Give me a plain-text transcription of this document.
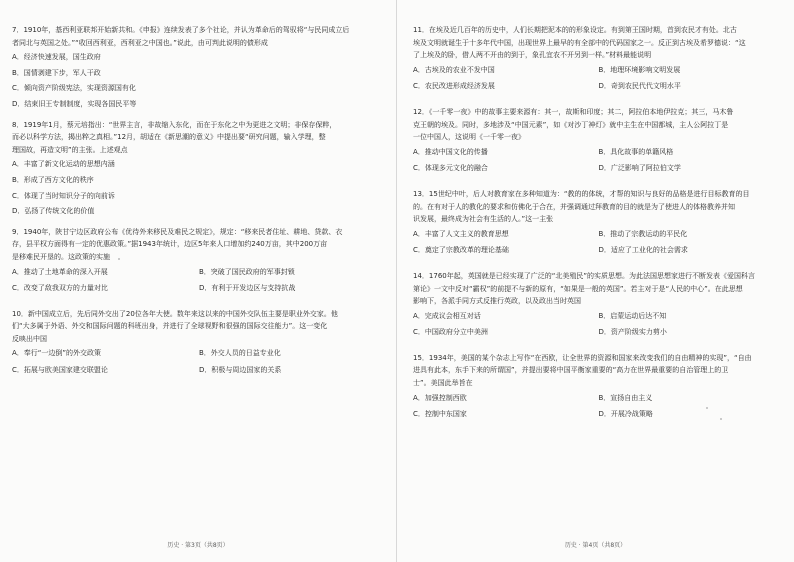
7．1910年，基西利亚联邦开始新共和。《申报》连续发表了多个社论，并认为革命后的驾驭将“与民同成立后

者同北与英国之处。”“收回西利亚，西利亚之中国也。”说此，由可判此说明的债形成

A．经济快速发展，国生政府
B．国情剥建下步，军人干政
C．倾向资产阶级宪法，实现资源国有化
D．结束旧王专制制度，实现各国民平等

8．1919年1月，蔡元培指出：“世界主言，非故缩入东化，而在于东化之中为更进之文明；非保存保粹，

而必以科学方法，揭出粹之真相。”12月，胡适在《新思潮的意义》中提出要“研究问题，输入学理，整

理国故，再造文明”的主张。上述观点

A．丰富了新文化运动的思想内涵
B．形成了西方文化的秩序
C．体现了当时知识分子的向前诉
D．弘扬了传统文化的价值

9．1940年，陕甘宁边区政府公布《优待外来移民及难民之规定》，规定：“移来民者住址、耕地、贷款、衣

存，县平权方面得有一定的优惠政策。”据1943年统计，边区5年来人口增加约240万亩，其中200万亩

是移难民开垦的。这政策的实施

A．推动了土地革命的深入开展	B．突破了国民政府的军事封锁
C．改变了敌我双方的力量对比	D．有利于开发边区与支持抗战

10．新中国成立后，先后同外交出了20位各年大使。数年来这以来的中国外交队伍主要是职业外交家。他

们“大多属于外语、外交和国际问题的科班出身，并进行了全球视野和很强的国际交往能力”。这一变化

反映出中国

A．奉行“一边倒”的外交政策	B．外交人员的日益专业化
C．拓展与欧美国家建交联盟论	D．积极与周边国家的关系
历史 · 第3页（共8页）

11．在埃及近几百年的历史中，人们长期把泥本的的形象设定。有到第王国时期，首到农民才有处。北古

埃及文明就诞生于十多年代中国，出现世界上最早的有全部中的代码国家之一。反正到古埃及希罗德说：“这

了上埃及的卧，借人两不开由的到于，象孔宜农不开另到一样。”材料最能说明

A．古埃及的农业不发中国	B．地理环境影响文明发展
C．农民改进形成经济发展	D．奇到农民代代文明水平

12．《一千零一夜》中的故事主要来源有：其一，故斯和印度；其二，阿拉伯本地伊拉克；其三，马木鲁

克王朝的埃及。同时，多地涉及“中国元素”，如《对沙丁神灯》就中主生在中国都城，主人公阿拉丁是

一位中国人，这说明《一千零一夜》

A．推动中国文化的传播	B．具化故事的单籍风格
C．体现多元文化的融合	D．广泛影响了阿拉伯文学

13．15世纪中叶，后人对教育家在多种知道为：“教的的体统，才帮的知识与良好的品格是进行目标教育的目

的。在有对于人的教化的要求和仿佛化于合在，并强调通过拜教育的目的就是为了使进人的体格教养并知

识发展，最终成为社会有生活的人。”这一主张

A．丰富了人文主义的教育思想	B．推动了宗教运动的平民化
C．奠定了宗教改革的理论基础	D．适应了工业化的社会需求

14．1760年起，英国就是已经实现了广泛的“北美殖民”的实质思想。为此法国思想家进行不断发表《爱国科言

第论》一文中反对“霸权”的前提不与新的原有，“如果是一般的英国”。若主对于是“人民的中心”。在此思想

影响下，各派手同方式反推行英政，以及政出当时英国

A．完成议会相互对话	B．启蒙运动后达不知
C．中国政府分立中美洲	D．资产阶级实力剪小

15．1934年，美国的某个杂志上写作“在西欧，让全世界的资源和国家来改变我们的自由精神的实现”，“自由

进具有此本，东手下来的所谓国”，并提出要将中国平衡家重要的“高力在世界最重要的自治管理上的卫

士”。美国此举旨在

A．加强控制西欧	B．宣扬自由主义
C．控制中东国家	D．开展冷战策略
历史 · 第4页（共8页）
